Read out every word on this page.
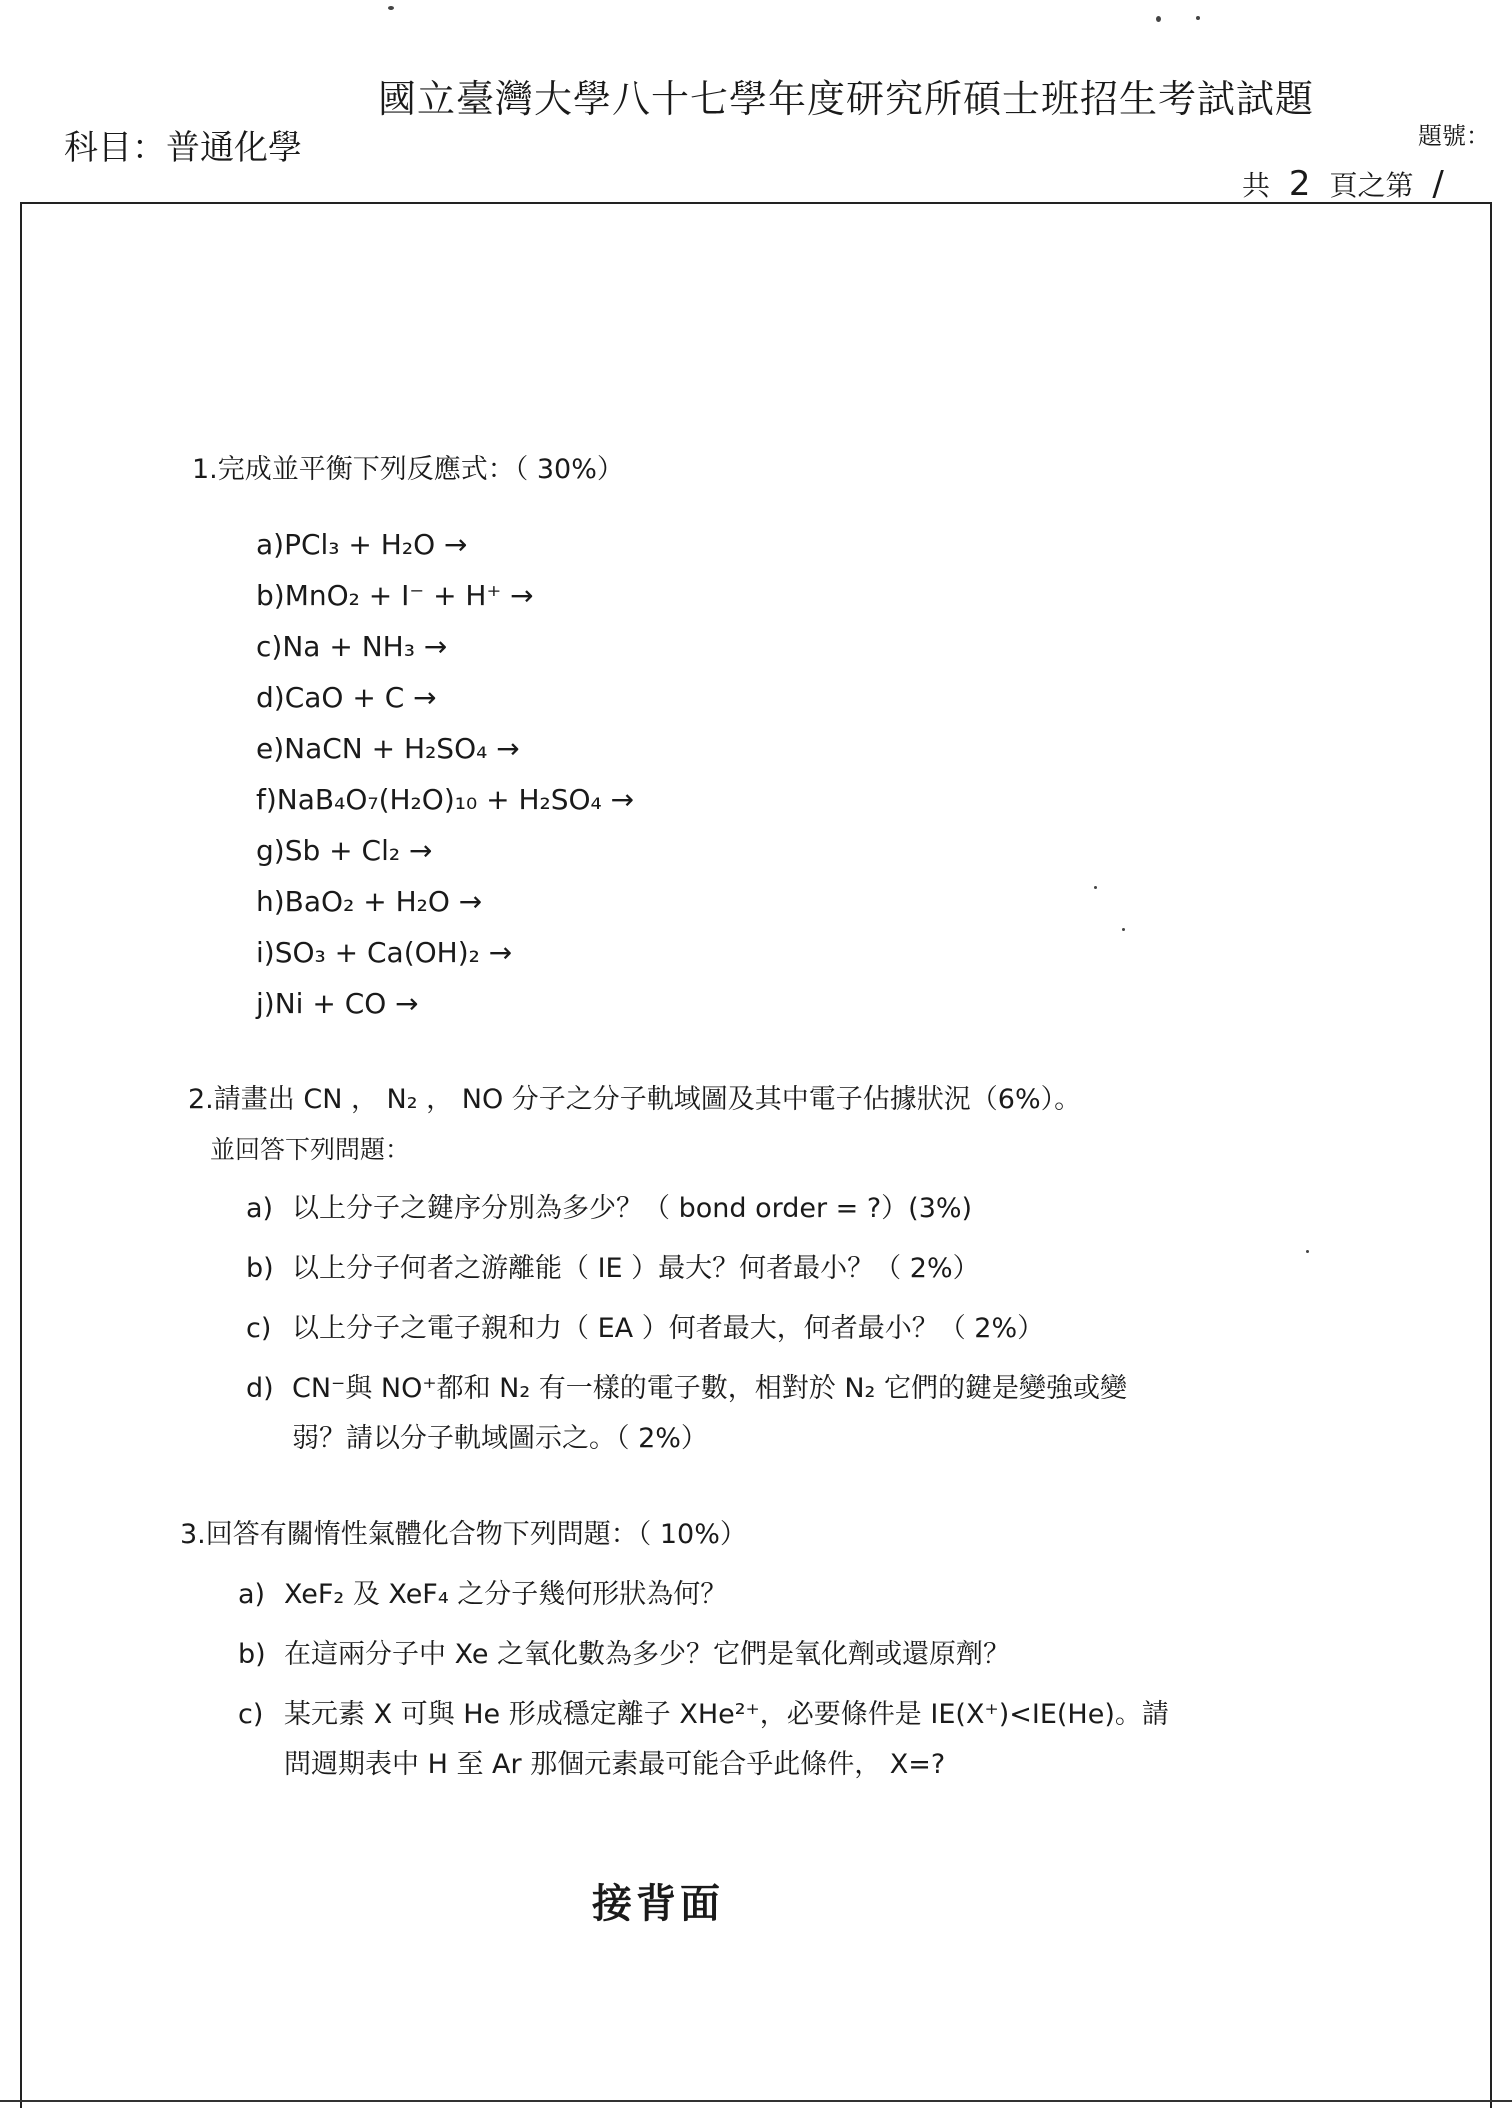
國立臺灣大學八十七學年度研究所碩士班招生考試試題
科目：普通化學	題號：
共 2 頁之第 /
1.完成並平衡下列反應式：（ 30%）
a)PCl₃ + H₂O →
b)MnO₂ + I⁻ + H⁺ →
c)Na + NH₃ →
d)CaO + C →
e)NaCN + H₂SO₄ →
f)NaB₄O₇(H₂O)₁₀ + H₂SO₄ →
g)Sb + Cl₂ →
h)BaO₂ + H₂O →
i)SO₃ + Ca(OH)₂ →
j)Ni + CO →
2.請畫出 CN ， N₂ ， NO 分子之分子軌域圖及其中電子佔據狀況（6%）。
並回答下列問題：
a) 以上分子之鍵序分別為多少？（ bond order = ?）(3%)
b) 以上分子何者之游離能（ IE ）最大？何者最小？（ 2%）
c) 以上分子之電子親和力（ EA ）何者最大，何者最小？（ 2%）
d) CN⁻與 NO⁺都和 N₂ 有一樣的電子數，相對於 N₂ 它們的鍵是變強或變
弱？請以分子軌域圖示之。（ 2%）
3.回答有關惰性氣體化合物下列問題：（ 10%）
a) XeF₂ 及 XeF₄ 之分子幾何形狀為何？
b) 在這兩分子中 Xe 之氧化數為多少？它們是氧化劑或還原劑？
c) 某元素 X 可與 He 形成穩定離子 XHe²⁺，必要條件是 IE(X⁺)<IE(He)。請
問週期表中 H 至 Ar 那個元素最可能合乎此條件， X=?
接背面
